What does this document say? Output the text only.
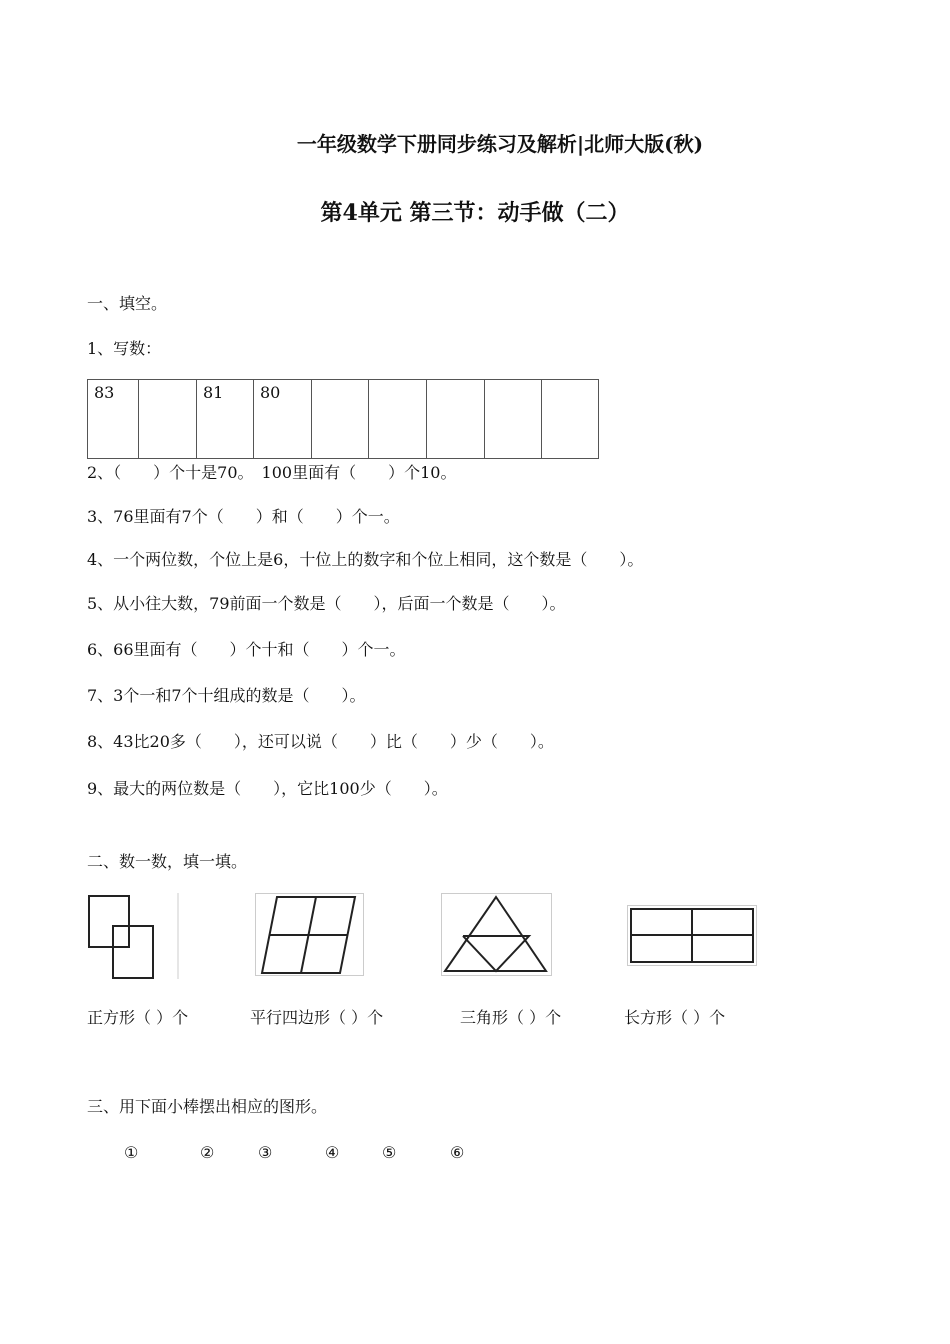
一年级数学下册同步练习及解析|北师大版(秋)
第4单元 第三节：动手做（二）
一、填空。
1、写数：
83		81	80					
2、（　　）个十是70。　100里面有（　　）个10。
3、76里面有7个（　　）和（　　）个一。
4、一个两位数，个位上是6，十位上的数字和个位上相同，这个数是（　　）。
5、从小往大数，79前面一个数是（　　），后面一个数是（　　）。
6、66里面有（　　）个十和（　　）个一。
7、3个一和7个十组成的数是（　　）。
8、43比20多（　　），还可以说（　　）比（　　）少（　　）。
9、最大的两位数是（　　），它比100少（　　）。
二、数一数，填一填。
正方形（ ）个	平行四边形（ ）个	三角形（ ）个	长方形（ ）个
三、用下面小棒摆出相应的图形。
①	②	③	④	⑤	⑥
